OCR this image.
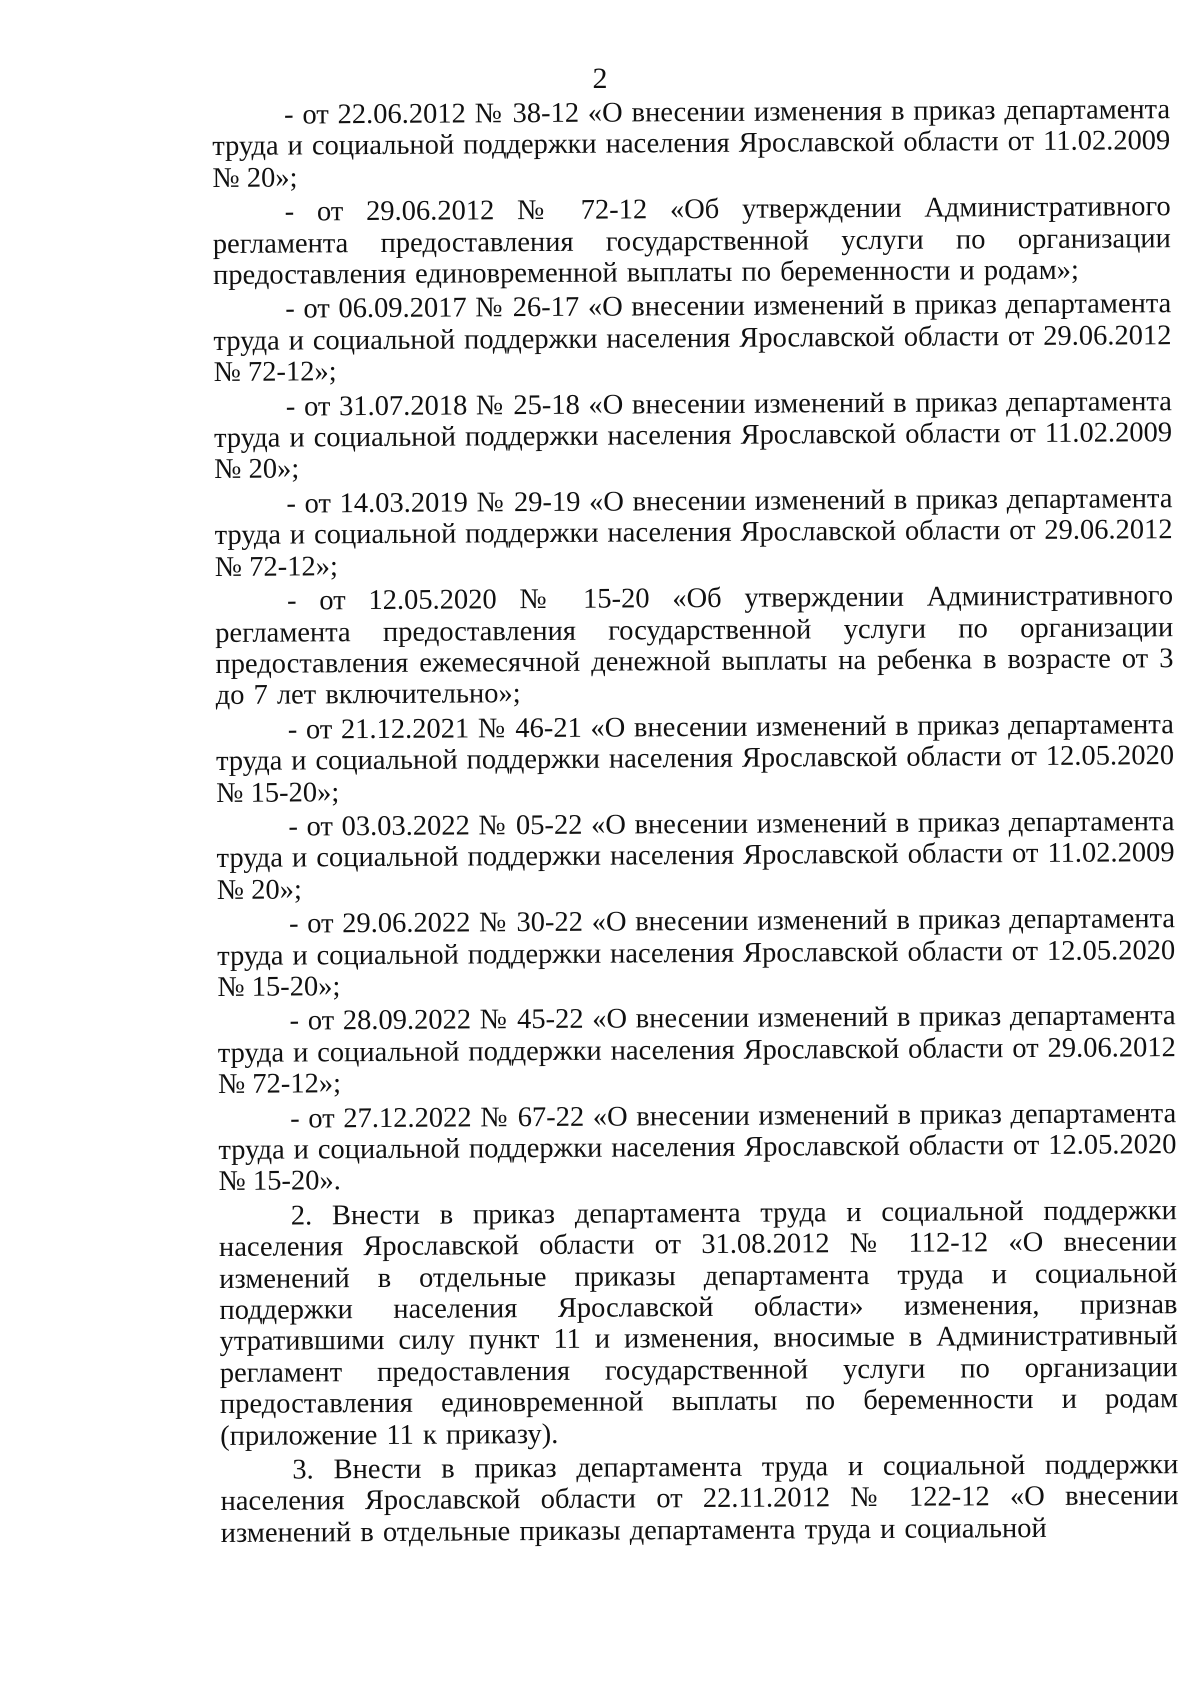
2

- от 22.06.2012 № 38-12 «О внесении изменения в приказ департамента труда и социальной поддержки населения Ярославской области от 11.02.2009 № 20»;

- от 29.06.2012 № 72-12 «Об утверждении Административного регламента предоставления государственной услуги по организации предоставления единовременной выплаты по беременности и родам»;

- от 06.09.2017 № 26-17 «О внесении изменений в приказ департамента труда и социальной поддержки населения Ярославской области от 29.06.2012 № 72-12»;

- от 31.07.2018 № 25-18 «О внесении изменений в приказ департамента труда и социальной поддержки населения Ярославской области от 11.02.2009 № 20»;

- от 14.03.2019 № 29-19 «О внесении изменений в приказ департамента труда и социальной поддержки населения Ярославской области от 29.06.2012 № 72-12»;

- от 12.05.2020 № 15-20 «Об утверждении Административного регламента предоставления государственной услуги по организации предоставления ежемесячной денежной выплаты на ребенка в возрасте от 3 до 7 лет включительно»;

- от 21.12.2021 № 46-21 «О внесении изменений в приказ департамента труда и социальной поддержки населения Ярославской области от 12.05.2020 № 15-20»;

- от 03.03.2022 № 05-22 «О внесении изменений в приказ департамента труда и социальной поддержки населения Ярославской области от 11.02.2009 № 20»;

- от 29.06.2022 № 30-22 «О внесении изменений в приказ департамента труда и социальной поддержки населения Ярославской области от 12.05.2020 № 15-20»;

- от 28.09.2022 № 45-22 «О внесении изменений в приказ департамента труда и социальной поддержки населения Ярославской области от 29.06.2012 № 72-12»;

- от 27.12.2022 № 67-22 «О внесении изменений в приказ департамента труда и социальной поддержки населения Ярославской области от 12.05.2020 № 15-20».

2. Внести в приказ департамента труда и социальной поддержки населения Ярославской области от 31.08.2012 № 112-12 «О внесении изменений в отдельные приказы департамента труда и социальной поддержки населения Ярославской области» изменения, признав утратившими силу пункт 11 и изменения, вносимые в Административный регламент предоставления государственной услуги по организации предоставления единовременной выплаты по беременности и родам (приложение 11 к приказу).

3. Внести в приказ департамента труда и социальной поддержки населения Ярославской области от 22.11.2012 № 122-12 «О внесении изменений в отдельные приказы департамента труда и социальной
